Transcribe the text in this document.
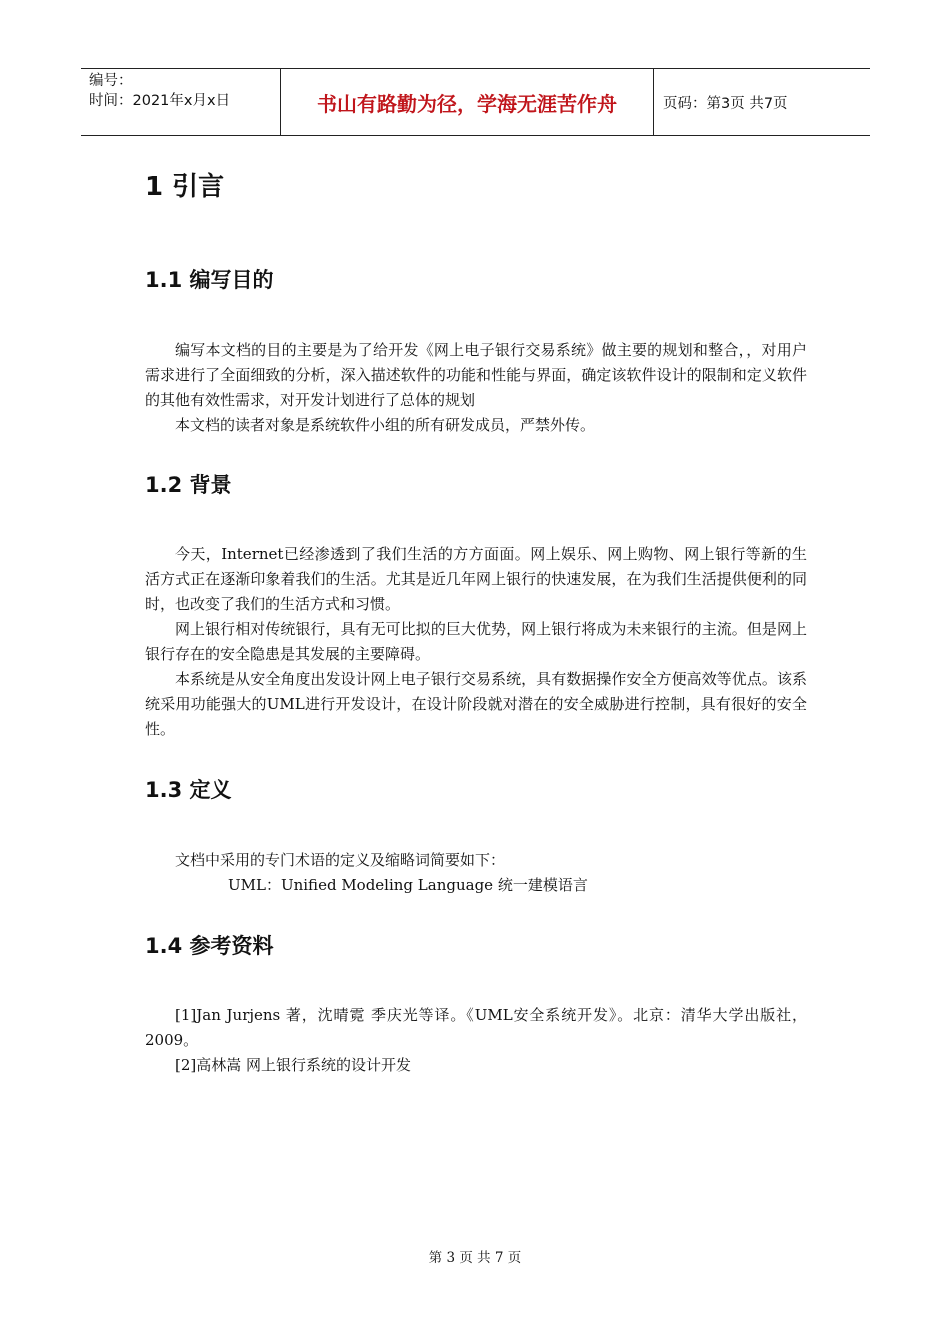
编号：
时间：2021年x月x日	书山有路勤为径，学海无涯苦作舟	页码：第3页 共7页
1 引言
1.1 编写目的

编写本文档的目的主要是为了给开发《网上电子银行交易系统》做主要的规划和整合，，对用户需求进行了全面细致的分析，深入描述软件的功能和性能与界面，确定该软件设计的限制和定义软件的其他有效性需求，对开发计划进行了总体的规划

本文档的读者对象是系统软件小组的所有研发成员，严禁外传。

1.2 背景

今天，Internet已经渗透到了我们生活的方方面面。网上娱乐、网上购物、网上银行等新的生活方式正在逐渐印象着我们的生活。尤其是近几年网上银行的快速发展，在为我们生活提供便利的同时，也改变了我们的生活方式和习惯。

网上银行相对传统银行，具有无可比拟的巨大优势，网上银行将成为未来银行的主流。但是网上银行存在的安全隐患是其发展的主要障碍。

本系统是从安全角度出发设计网上电子银行交易系统，具有数据操作安全方便高效等优点。该系统采用功能强大的UML进行开发设计，在设计阶段就对潜在的安全威胁进行控制，具有很好的安全性。

1.3 定义

文档中采用的专门术语的定义及缩略词简要如下：

UML：Unified Modeling Language 统一建模语言
1.4 参考资料

[1]Jan Jurjens 著，沈晴霓 季庆光等译。《UML安全系统开发》。北京：清华大学出版社，2009。

[2]高林嵩 网上银行系统的设计开发

第 3 页 共 7 页
